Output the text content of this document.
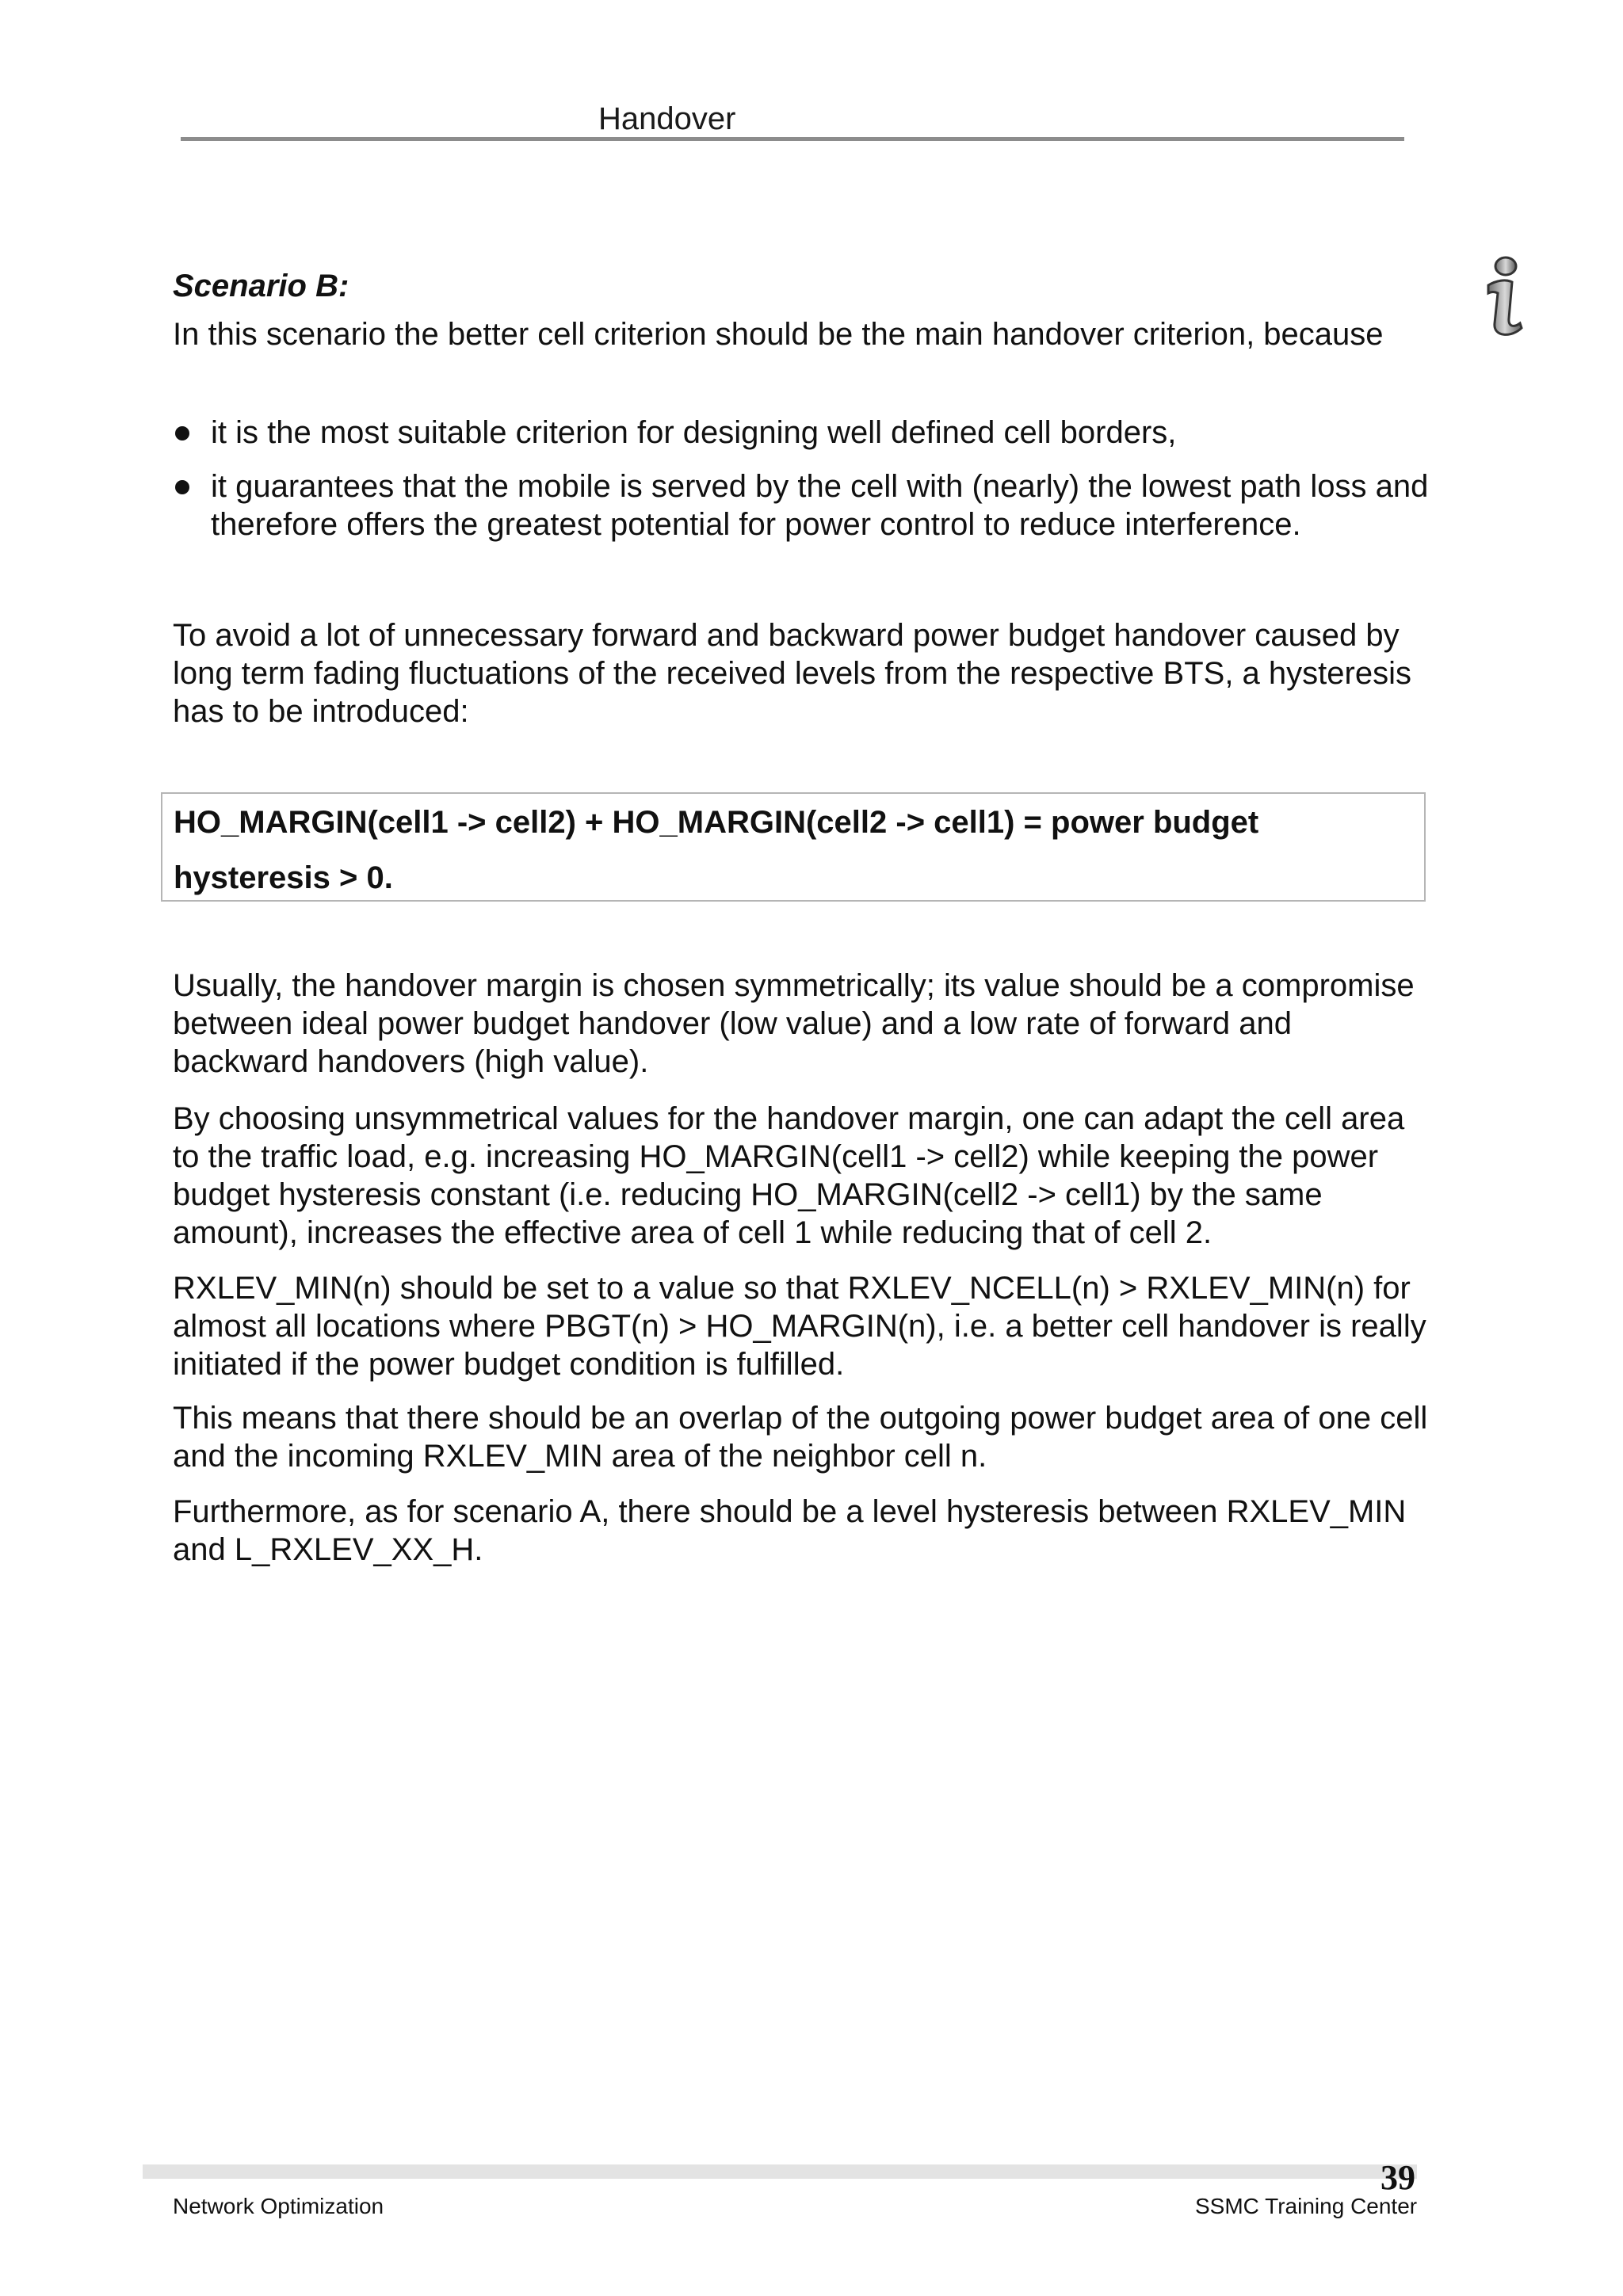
Handover

Scenario B:

In this scenario the better cell criterion should be the main handover criterion, because

it is the most suitable criterion for designing well defined cell borders,
it guarantees that the mobile is served by the cell with (nearly) the lowest path loss and therefore offers the greatest potential for power control to reduce interference.

To avoid a lot of unnecessary forward and backward power budget handover caused by long term fading fluctuations of the received levels from the respective BTS, a hysteresis has to be introduced:

HO_MARGIN(cell1 -> cell2) + HO_MARGIN(cell2 -> cell1) = power budget

hysteresis > 0.

Usually, the handover margin is chosen symmetrically; its value should be a compromise between ideal power budget handover (low value) and a low rate of forward and backward handovers (high value).

By choosing unsymmetrical values for the handover margin, one can adapt the cell area to the traffic load, e.g. increasing HO_MARGIN(cell1 -> cell2) while keeping the power budget hysteresis constant (i.e. reducing HO_MARGIN(cell2 -> cell1) by the same amount), increases the effective area of cell 1 while reducing that of cell 2.

RXLEV_MIN(n) should be set to a value so that RXLEV_NCELL(n) > RXLEV_MIN(n) for almost all locations where PBGT(n) > HO_MARGIN(n), i.e. a better cell handover is really initiated if the power budget condition is fulfilled.

This means that there should be an overlap of the outgoing power budget area of one cell and the incoming RXLEV_MIN area of the neighbor cell n.

Furthermore, as for scenario A, there should be a level hysteresis between RXLEV_MIN and L_RXLEV_XX_H.

39
Network Optimization	SSMC Training Center
